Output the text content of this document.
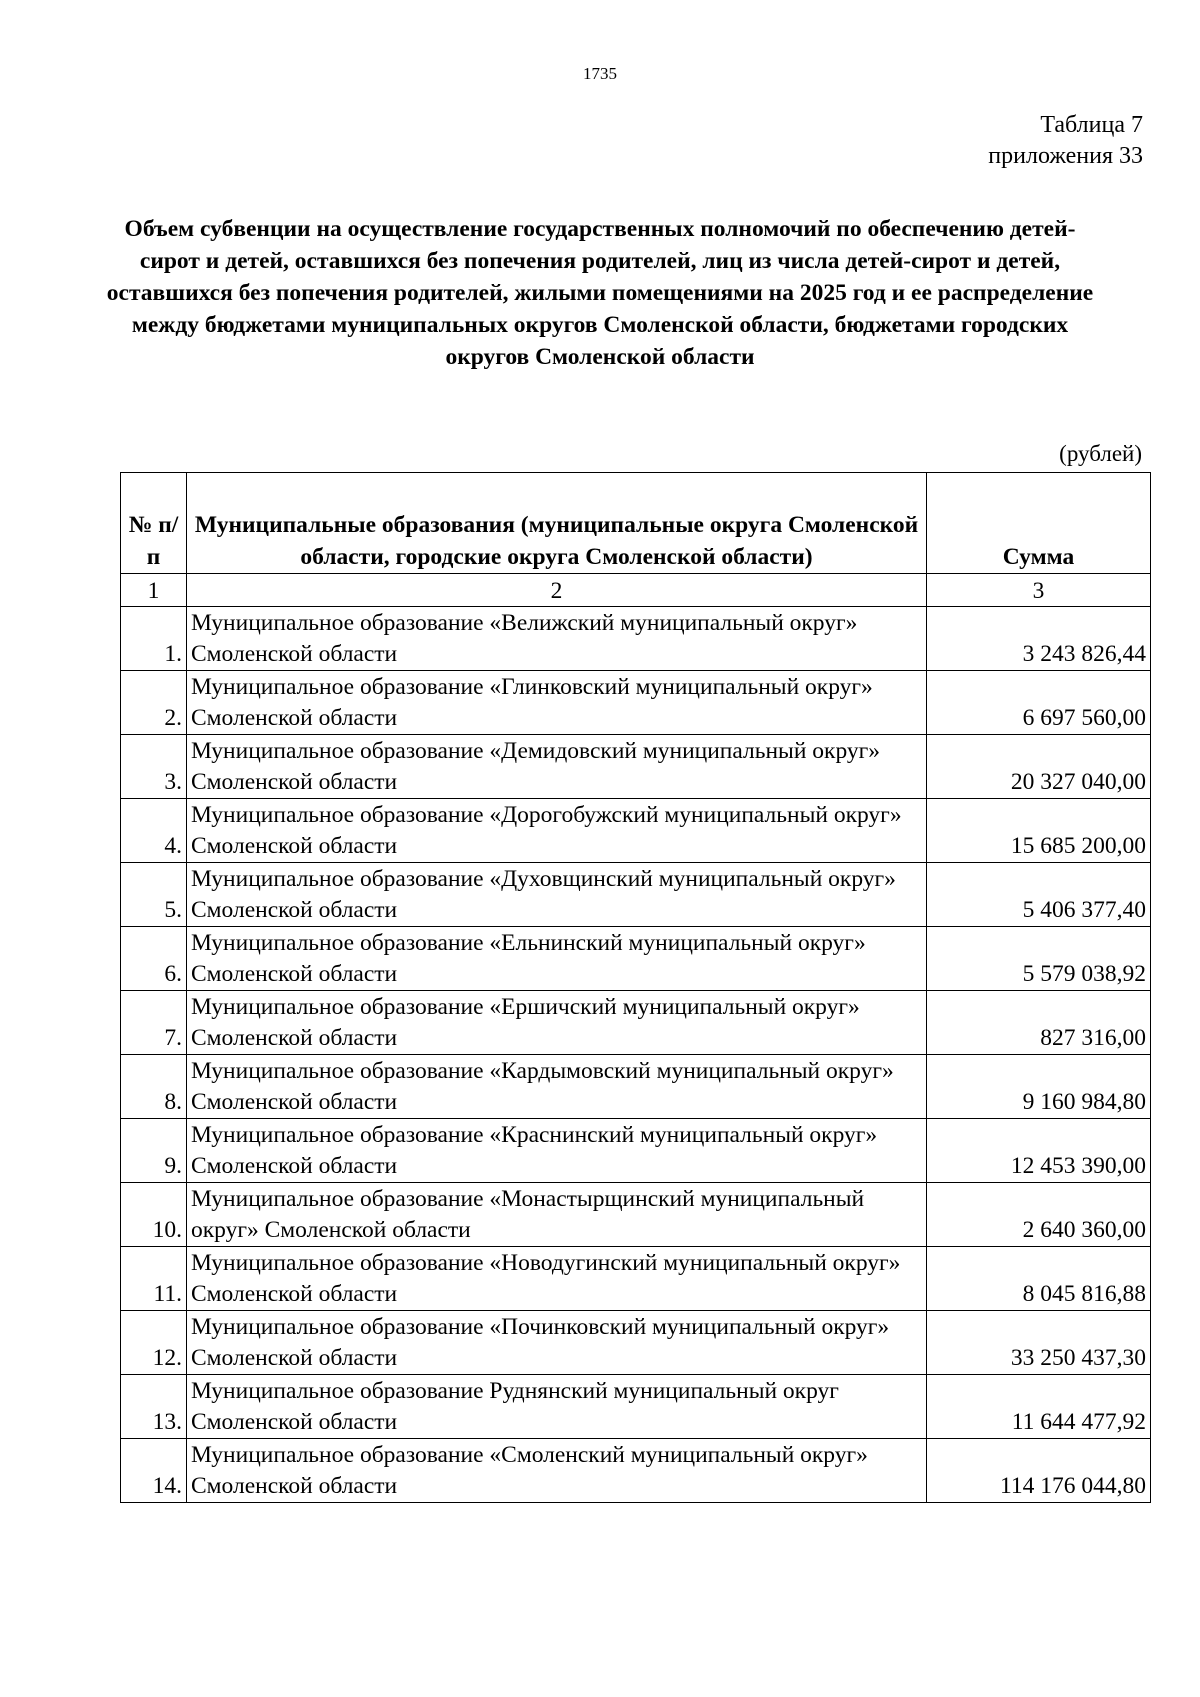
1735
Таблица 7
приложения 33
Объем субвенции на осуществление государственных полномочий по обеспечению детей-сирот и детей, оставшихся без попечения родителей, лиц из числа детей-сирот и детей, оставшихся без попечения родителей, жилыми помещениями на 2025 год и ее распределение между бюджетами муниципальных округов Смоленской области, бюджетами городских округов Смоленской области
(рублей)
№ п/п	Муниципальные образования (муниципальные округа Смоленской области, городские округа Смоленской области)	Сумма
1	2	3
1.	Муниципальное образование «Велижский муниципальный округ» Смоленской области	3 243 826,44
2.	Муниципальное образование «Глинковский муниципальный округ» Смоленской области	6 697 560,00
3.	Муниципальное образование «Демидовский муниципальный округ» Смоленской области	20 327 040,00
4.	Муниципальное образование «Дорогобужский муниципальный округ» Смоленской области	15 685 200,00
5.	Муниципальное образование «Духовщинский муниципальный округ» Смоленской области	5 406 377,40
6.	Муниципальное образование «Ельнинский муниципальный округ» Смоленской области	5 579 038,92
7.	Муниципальное образование «Ершичский муниципальный округ» Смоленской области	827 316,00
8.	Муниципальное образование «Кардымовский муниципальный округ» Смоленской области	9 160 984,80
9.	Муниципальное образование «Краснинский муниципальный округ» Смоленской области	12 453 390,00
10.	Муниципальное образование «Монастырщинский муниципальный округ» Смоленской области	2 640 360,00
11.	Муниципальное образование «Новодугинский муниципальный округ» Смоленской области	8 045 816,88
12.	Муниципальное образование «Починковский муниципальный округ» Смоленской области	33 250 437,30
13.	Муниципальное образование Руднянский муниципальный округ Смоленской области	11 644 477,92
14.	Муниципальное образование «Смоленский муниципальный округ» Смоленской области	114 176 044,80
